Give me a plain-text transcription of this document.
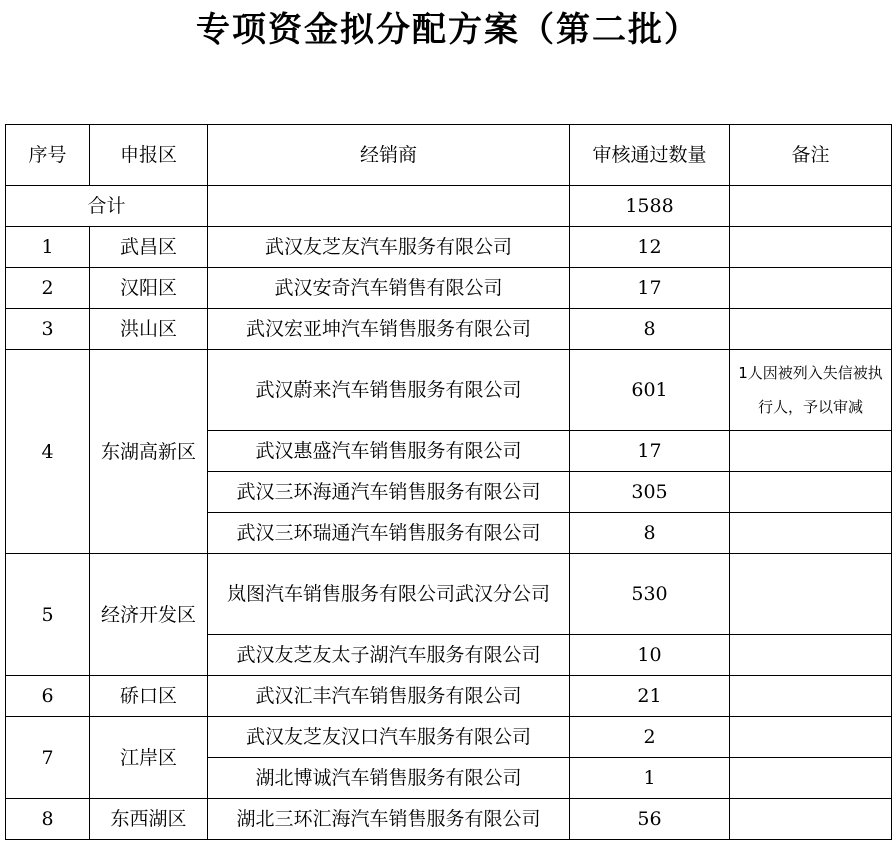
专项资金拟分配方案（第二批）
序号	申报区	经销商	审核通过数量	备注
合计			1588	
1	武昌区	武汉友芝友汽车服务有限公司	12	
2	汉阳区	武汉安奇汽车销售有限公司	17	
3	洪山区	武汉宏亚坤汽车销售服务有限公司	8	
4	东湖高新区	武汉蔚来汽车销售服务有限公司	601	1人因被列入失信被执行人，予以审减
		武汉惠盛汽车销售服务有限公司	17	
		武汉三环海通汽车销售服务有限公司	305	
		武汉三环瑞通汽车销售服务有限公司	8	
5	经济开发区	岚图汽车销售服务有限公司武汉分公司	530	
		武汉友芝友太子湖汽车服务有限公司	10	
6	硚口区	武汉汇丰汽车销售服务有限公司	21	
7	江岸区	武汉友芝友汉口汽车服务有限公司	2	
		湖北博诚汽车销售服务有限公司	1	
8	东西湖区	湖北三环汇海汽车销售服务有限公司	56	
